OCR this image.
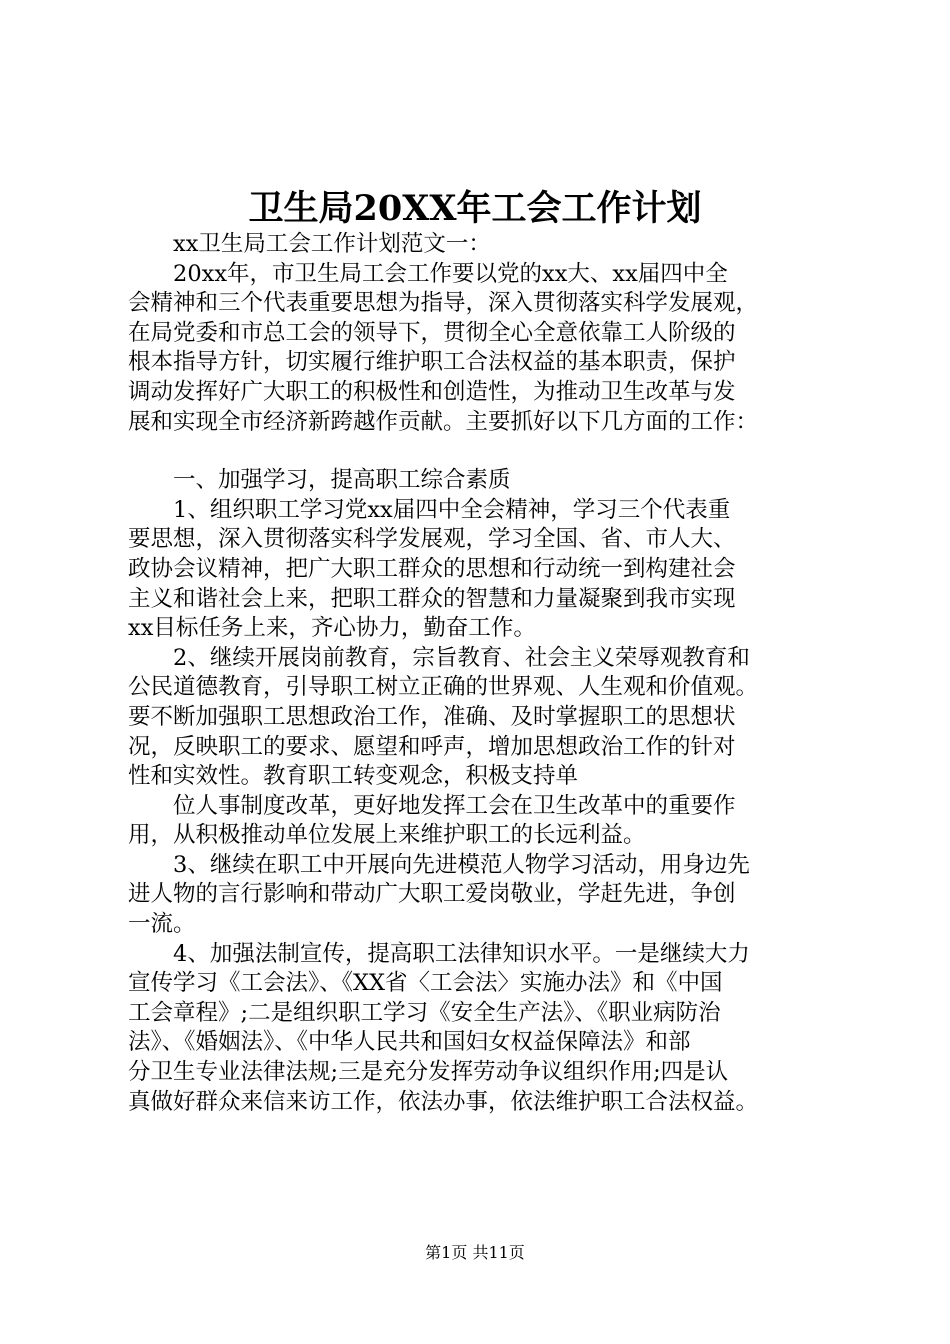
卫生局20XX年工会工作计划
　　xx卫生局工会工作计划范文一：
　　20xx年，市卫生局工会工作要以党的xx大、xx届四中全
会精神和三个代表重要思想为指导，深入贯彻落实科学发展观，
在局党委和市总工会的领导下，贯彻全心全意依靠工人阶级的
根本指导方针，切实履行维护职工合法权益的基本职责，保护
调动发挥好广大职工的积极性和创造性，为推动卫生改革与发
展和实现全市经济新跨越作贡献。主要抓好以下几方面的工作：
　　一、加强学习，提高职工综合素质
　　1、组织职工学习党xx届四中全会精神，学习三个代表重
要思想，深入贯彻落实科学发展观，学习全国、省、市人大、
政协会议精神，把广大职工群众的思想和行动统一到构建社会
主义和谐社会上来，把职工群众的智慧和力量凝聚到我市实现
xx目标任务上来，齐心协力，勤奋工作。
　　2、继续开展岗前教育，宗旨教育、社会主义荣辱观教育和
公民道德教育，引导职工树立正确的世界观、人生观和价值观。
要不断加强职工思想政治工作，准确、及时掌握职工的思想状
况，反映职工的要求、愿望和呼声，增加思想政治工作的针对
性和实效性。教育职工转变观念，积极支持单
　　位人事制度改革，更好地发挥工会在卫生改革中的重要作
用，从积极推动单位发展上来维护职工的长远利益。
　　3、继续在职工中开展向先进模范人物学习活动，用身边先
进人物的言行影响和带动广大职工爱岗敬业，学赶先进，争创
一流。
　　4、加强法制宣传，提高职工法律知识水平。一是继续大力
宣传学习《工会法》、《XX省〈工会法〉实施办法》和《中国
工会章程》;二是组织职工学习《安全生产法》、《职业病防治
法》、《婚姻法》、《中华人民共和国妇女权益保障法》和部
分卫生专业法律法规;三是充分发挥劳动争议组织作用;四是认
真做好群众来信来访工作，依法办事，依法维护职工合法权益。
第1页 共11页
